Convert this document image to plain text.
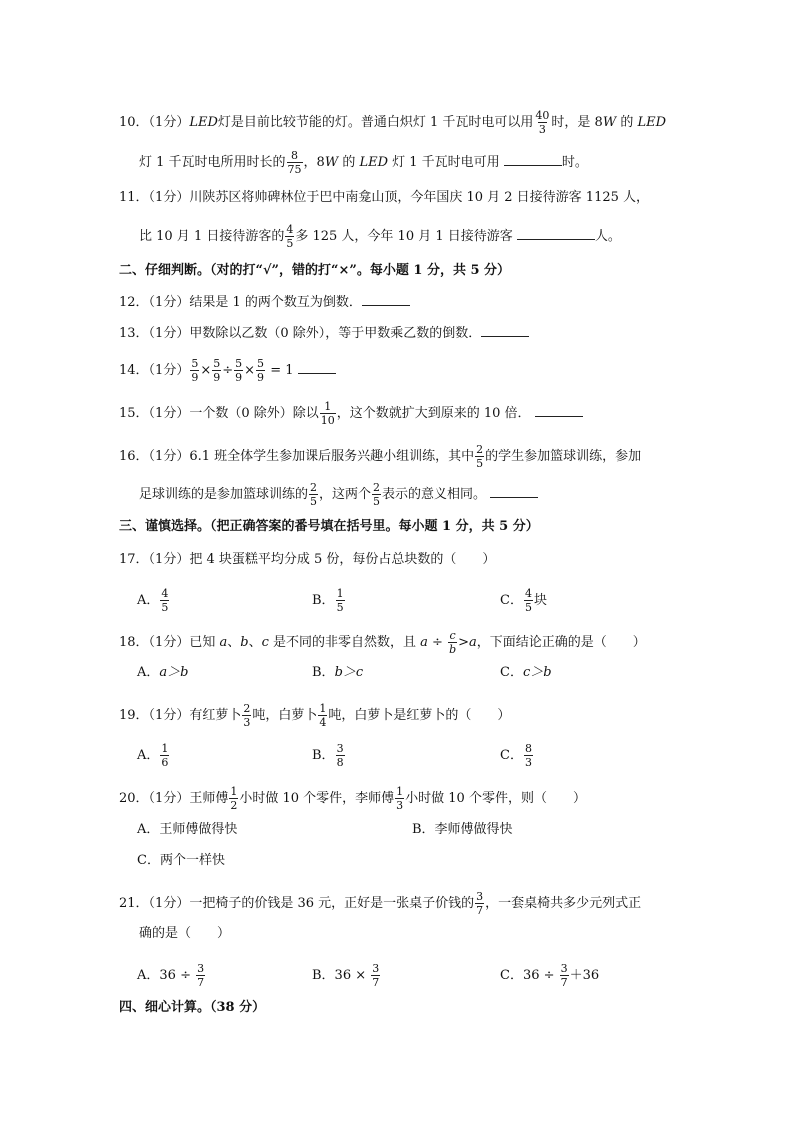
10．（1分）LED灯是目前比较节能的灯。普通白炽灯 1 千瓦时电可以用 $\frac{40}{3}$ 时，是 8W 的 LED
灯 1 千瓦时电所用时长的 $\frac{8}{75}$ ，8W 的 LED 灯 1 千瓦时电可用	时。
11．（1分）川陕苏区将帅碑林位于巴中南龛山顶，今年国庆 10 月 2 日接待游客 1125 人，
比 10 月 1 日接待游客的 $\frac{4}{5}$ 多 125 人，今年 10 月 1 日接待游客	人。
二、仔细判断。（对的打“√”，错的打“×”。每小题 1 分，共 5 分）
12．（1分）结果是 1 的两个数互为倒数．
13．（1分）甲数除以乙数（0 除外），等于甲数乘乙数的倒数．
14．（1分） $\frac{5}{9} \times \frac{5}{9} \div \frac{5}{9} \times \frac{5}{9} = 1$
15．（1分）一个数（0 除外）除以 $\frac{1}{10}$ ，这个数就扩大到原来的 10 倍．
16．（1分）6.1 班全体学生参加课后服务兴趣小组训练，其中 $\frac{2}{5}$ 的学生参加篮球训练，参加
足球训练的是参加篮球训练的 $\frac{2}{5}$ ，这两个 $\frac{2}{5}$ 表示的意义相同。
三、谨慎选择。（把正确答案的番号填在括号里。每小题 1 分，共 5 分）
17．（1分）把 4 块蛋糕平均分成 5 份，每份占总块数的（　　）
A． $\frac{4}{5}$	B． $\frac{1}{5}$	C． $\frac{4}{5}$ 块
18．（1分）已知 a、b、c 是不同的非零自然数，且 $a \div \frac{c}{b} >a$，下面结论正确的是（　　）
A．a＞b	B．b＞c	C．c＞b
19．（1分）有红萝卜 $\frac{2}{3}$ 吨，白萝卜 $\frac{1}{4}$ 吨，白萝卜是红萝卜的（　　）
A． $\frac{1}{6}$	B． $\frac{3}{8}$	C． $\frac{8}{3}$
20．（1分）王师傅 $\frac{1}{2}$ 小时做 10 个零件，李师傅 $\frac{1}{3}$ 小时做 10 个零件，则（　　）
A．王师傅做得快	B．李师傅做得快
C．两个一样快
21．（1分）一把椅子的价钱是 36 元，正好是一张桌子价钱的 $\frac{3}{7}$ ，一套桌椅共多少元列式正
确的是（　　）
A．$36 \div \frac{3}{7}$	B．$36 \times \frac{3}{7}$	C．$36 \div \frac{3}{7} +36$
四、细心计算。（38 分）
